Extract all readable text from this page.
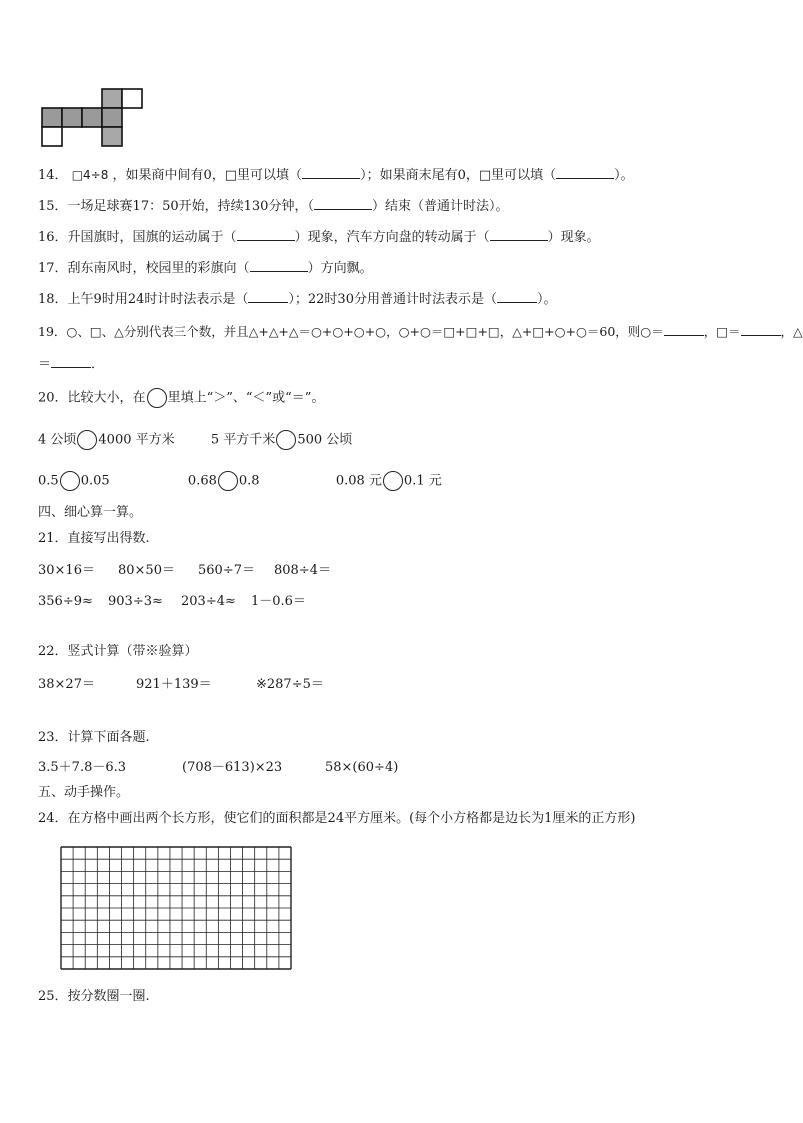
14． □4÷8 ，如果商中间有0，□里可以填（	）；如果商末尾有0，□里可以填（	）。
15．一场足球赛17：50开始，持续130分钟，（	）结束（普通计时法）。
16．升国旗时，国旗的运动属于（	）现象，汽车方向盘的转动属于（	）现象。
17．刮东南风时，校园里的彩旗向（	）方向飘。
18．上午9时用24时计时法表示是（	）；22时30分用普通计时法表示是（	）。
19．○、□、△分别代表三个数，并且△+△+△＝○+○+○+○，○+○＝□+□+□，△+□+○+○＝60，则○＝	，□＝	，△
＝	．
20．比较大小，在 里填上“＞”、“＜”或“＝”。
4 公顷 4000 平方米	5 平方千米 500 公顷
0.5 0.05	0.68 0.8	0.08 元 0.1 元
四、细心算一算。
21．直接写出得数.
30×16＝ 80×50＝ 560÷7＝ 808÷4＝
356÷9≈ 903÷3≈ 203÷4≈ 1－0.6＝
22．竖式计算（带※验算）
38×27＝	921＋139＝	※287÷5＝
23．计算下面各题.
3.5＋7.8－6.3	(708－613)×23	58×(60÷4)
五、动手操作。
24．在方格中画出两个长方形，使它们的面积都是24平方厘米。(每个小方格都是边长为1厘米的正方形)
25．按分数圈一圈.
